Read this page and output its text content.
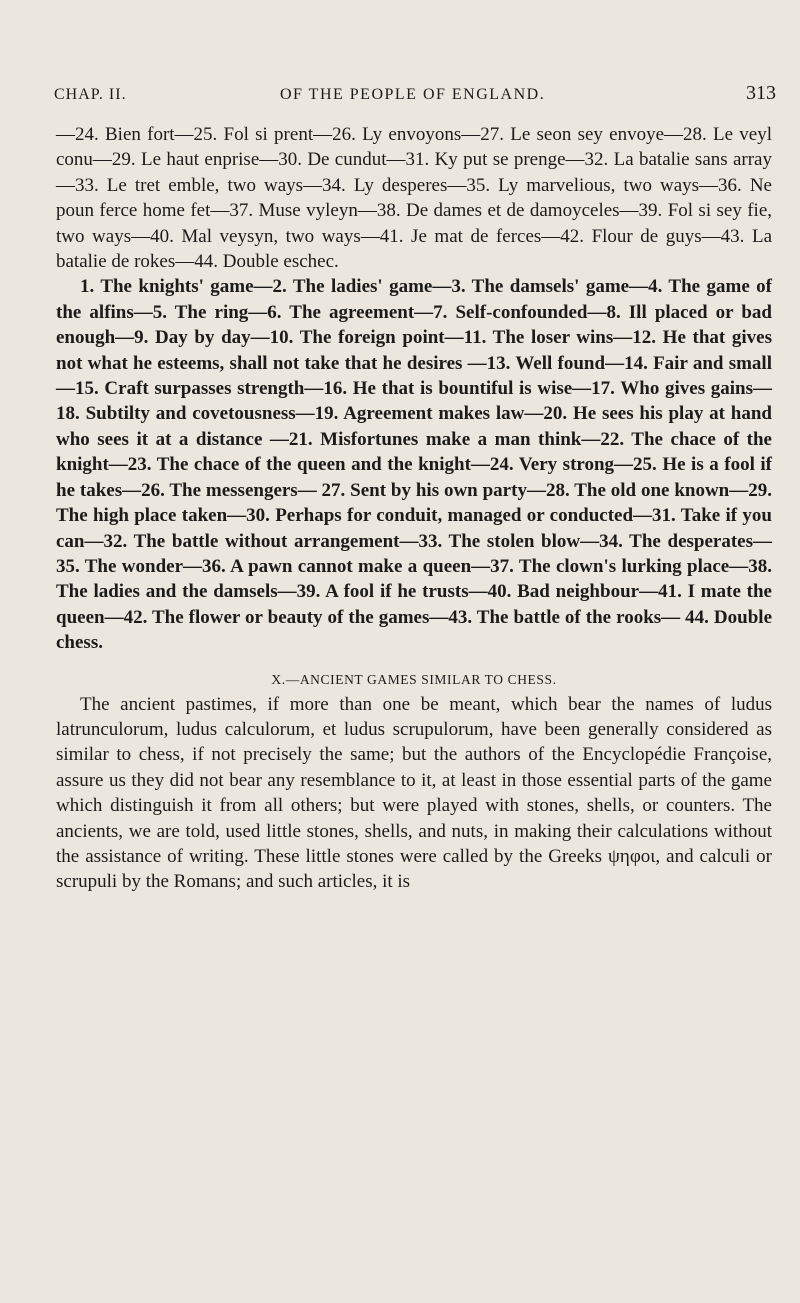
CHAP. II.	OF THE PEOPLE OF ENGLAND.	313

—24. Bien fort—25. Fol si prent—26. Ly envoyons—27. Le seon sey envoye—28. Le veyl conu—29. Le haut enprise—30. De cundut—31. Ky put se prenge—32. La batalie sans array—33. Le tret emble, two ways—34. Ly desperes—35. Ly marvelious, two ways—36. Ne poun ferce home fet—37. Muse vyleyn—38. De dames et de damoyceles—39. Fol si sey fie, two ways—40. Mal veysyn, two ways—41. Je mat de ferces—42. Flour de guys—43. La batalie de rokes—44. Double eschec.

1. The knights' game—2. The ladies' game—3. The damsels' game—4. The game of the alfins—5. The ring—6. The agreement—7. Self-confounded—8. Ill placed or bad enough—9. Day by day—10. The foreign point—11. The loser wins—12. He that gives not what he esteems, shall not take that he desires —13. Well found—14. Fair and small—15. Craft surpasses strength—16. He that is bountiful is wise—17. Who gives gains—18. Subtilty and covetousness—19. Agreement makes law—20. He sees his play at hand who sees it at a distance —21. Misfortunes make a man think—22. The chace of the knight—23. The chace of the queen and the knight—24. Very strong—25. He is a fool if he takes—26. The messengers— 27. Sent by his own party—28. The old one known—29. The high place taken—30. Perhaps for conduit, managed or conducted—31. Take if you can—32. The battle without arrangement—33. The stolen blow—34. The desperates—35. The wonder—36. A pawn cannot make a queen—37. The clown's lurking place—38. The ladies and the damsels—39. A fool if he trusts—40. Bad neighbour—41. I mate the queen—42. The flower or beauty of the games—43. The battle of the rooks— 44. Double chess.

X.—ANCIENT GAMES SIMILAR TO CHESS.

The ancient pastimes, if more than one be meant, which bear the names of ludus latrunculorum, ludus calculorum, et ludus scrupulorum, have been generally considered as similar to chess, if not precisely the same; but the authors of the Encyclopédie Françoise, assure us they did not bear any resemblance to it, at least in those essential parts of the game which distinguish it from all others; but were played with stones, shells, or counters. The ancients, we are told, used little stones, shells, and nuts, in making their calculations without the assistance of writing. These little stones were called by the Greeks ψηφοι, and calculi or scrupuli by the Romans; and such articles, it is
